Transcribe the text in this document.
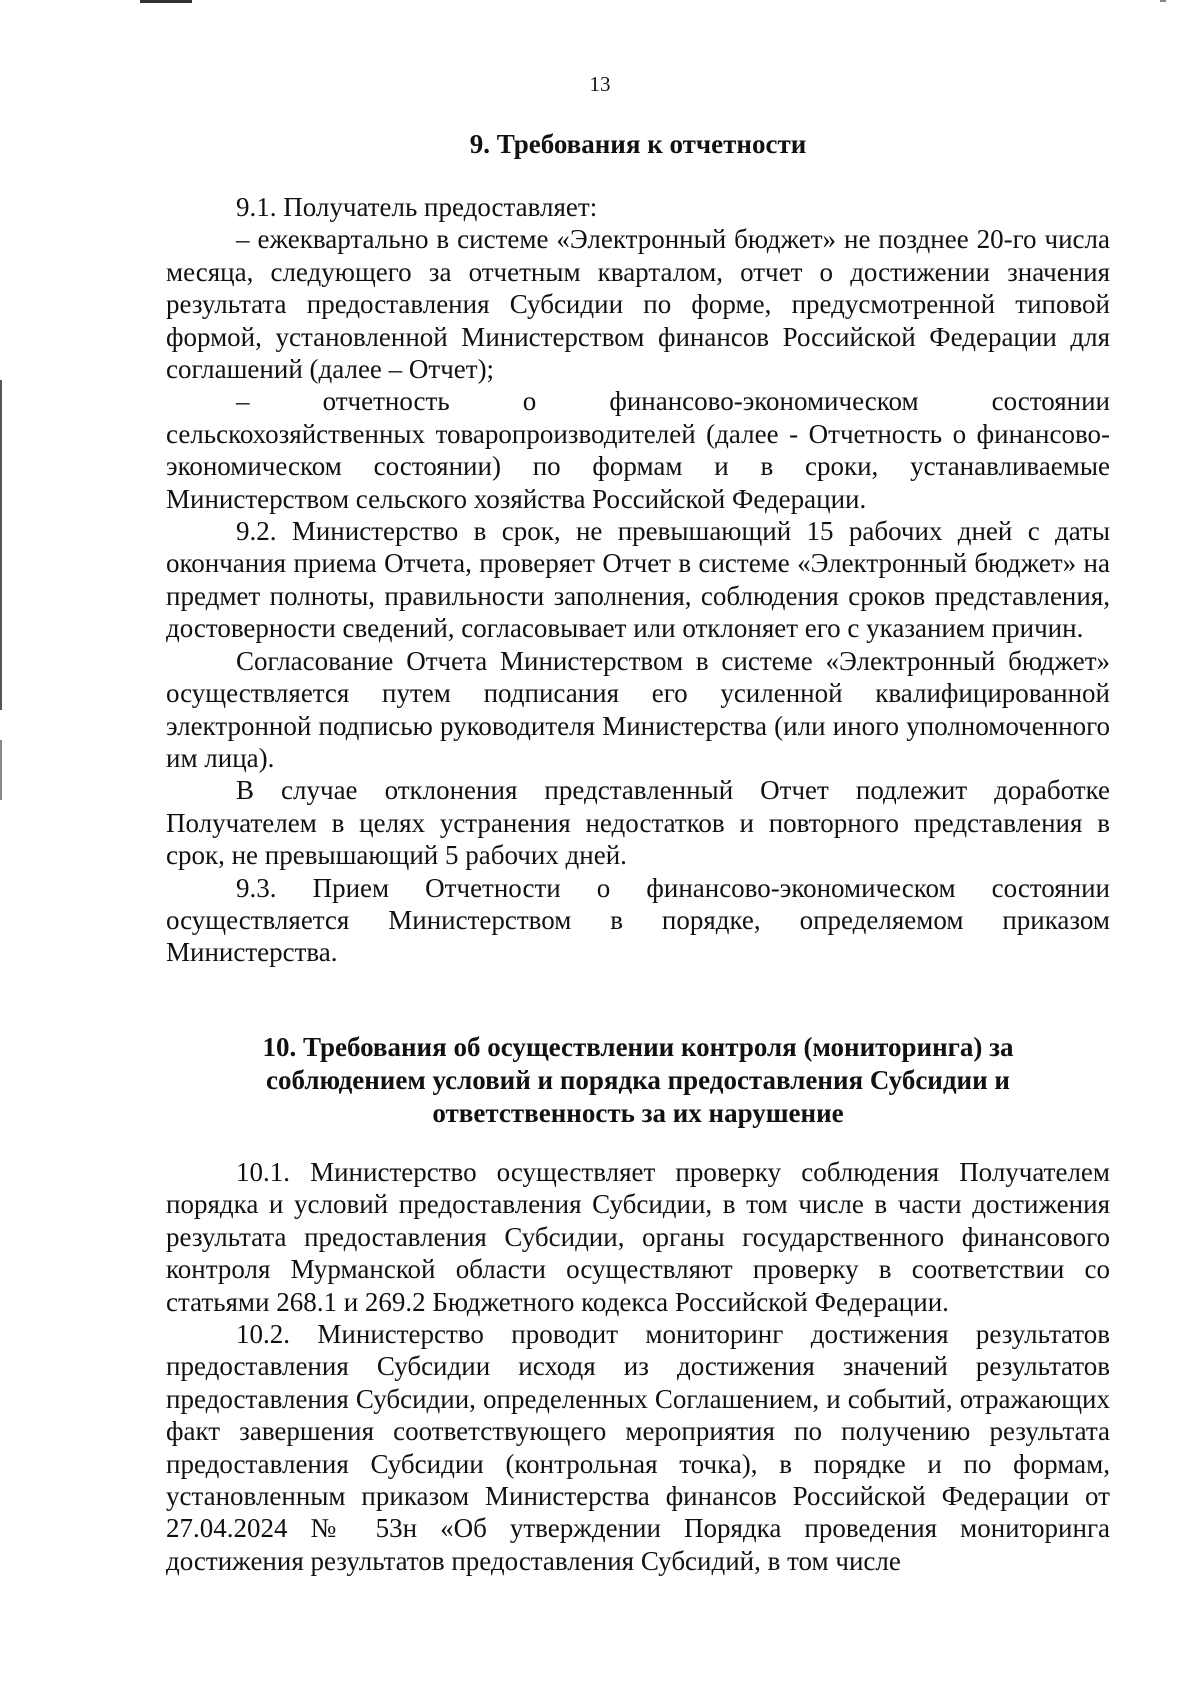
13
9. Требования к отчетности

9.1. Получатель предоставляет:

– ежеквартально в системе «Электронный бюджет» не позднее 20-го числа месяца, следующего за отчетным кварталом, отчет о достижении значения результата предоставления Субсидии по форме, предусмотренной типовой формой, установленной Министерством финансов Российской Федерации для соглашений (далее – Отчет);

– отчетность о финансово-экономическом состоянии сельскохозяйственных товаропроизводителей (далее - Отчетность о финансово-экономическом состоянии) по формам и в сроки, устанавливаемые Министерством сельского хозяйства Российской Федерации.

9.2. Министерство в срок, не превышающий 15 рабочих дней с даты окончания приема Отчета, проверяет Отчет в системе «Электронный бюджет» на предмет полноты, правильности заполнения, соблюдения сроков представления, достоверности сведений, согласовывает или отклоняет его с указанием причин.

Согласование Отчета Министерством в системе «Электронный бюджет» осуществляется путем подписания его усиленной квалифицированной электронной подписью руководителя Министерства (или иного уполномоченного им лица).

В случае отклонения представленный Отчет подлежит доработке Получателем в целях устранения недостатков и повторного представления в срок, не превышающий 5 рабочих дней.

9.3. Прием Отчетности о финансово-экономическом состоянии осуществляется Министерством в порядке, определяемом приказом Министерства.

10. Требования об осуществлении контроля (мониторинга) за
соблюдением условий и порядка предоставления Субсидии и
ответственность за их нарушение

10.1. Министерство осуществляет проверку соблюдения Получателем порядка и условий предоставления Субсидии, в том числе в части достижения результата предоставления Субсидии, органы государственного финансового контроля Мурманской области осуществляют проверку в соответствии со статьями 268.1 и 269.2 Бюджетного кодекса Российской Федерации.

10.2. Министерство проводит мониторинг достижения результатов предоставления Субсидии исходя из достижения значений результатов предоставления Субсидии, определенных Соглашением, и событий, отражающих факт завершения соответствующего мероприятия по получению результата предоставления Субсидии (контрольная точка), в порядке и по формам, установленным приказом Министерства финансов Российской Федерации от 27.04.2024 № 53н «Об утверждении Порядка проведения мониторинга достижения результатов предоставления Субсидий, в том числе
